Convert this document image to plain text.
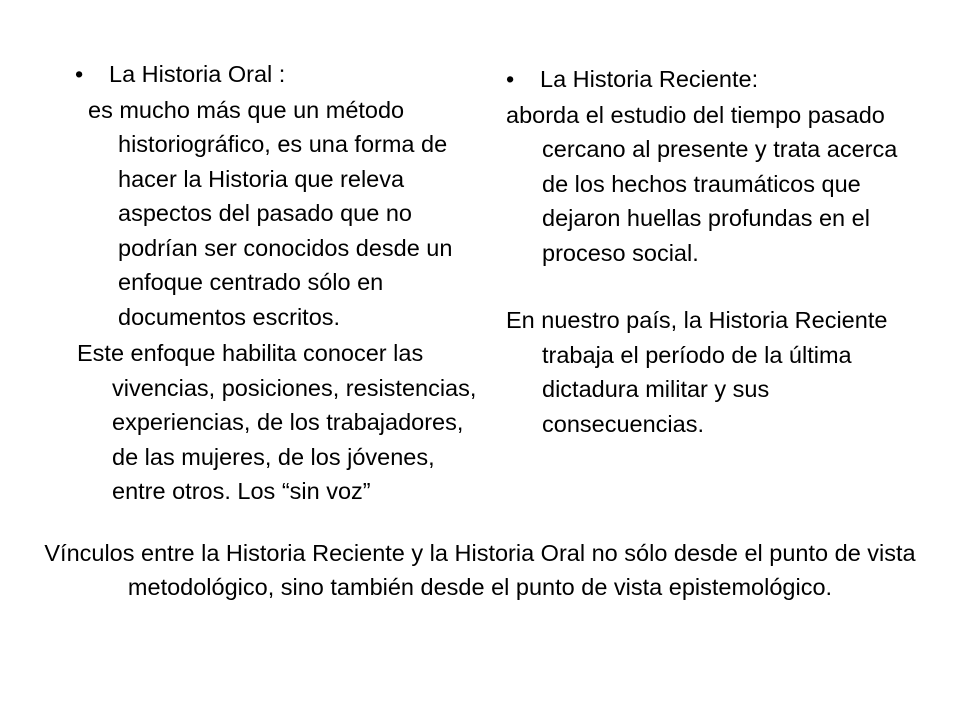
• La Historia Oral :
es mucho más que un método historiográfico, es una forma de hacer la Historia que releva aspectos del pasado que no podrían ser conocidos desde un enfoque centrado sólo en documentos escritos.
Este enfoque habilita conocer las vivencias, posiciones, resistencias, experiencias, de los trabajadores, de las mujeres, de los jóvenes, entre otros. Los “sin voz”
• La Historia Reciente:
aborda el estudio del tiempo pasado cercano al presente y trata acerca de los hechos traumáticos que dejaron huellas profundas en el proceso social.
En nuestro país, la Historia Reciente trabaja el período de la última dictadura militar y sus consecuencias.
Vínculos entre la Historia Reciente y la Historia Oral no sólo desde el punto de vista metodológico, sino también desde el punto de vista epistemológico.
